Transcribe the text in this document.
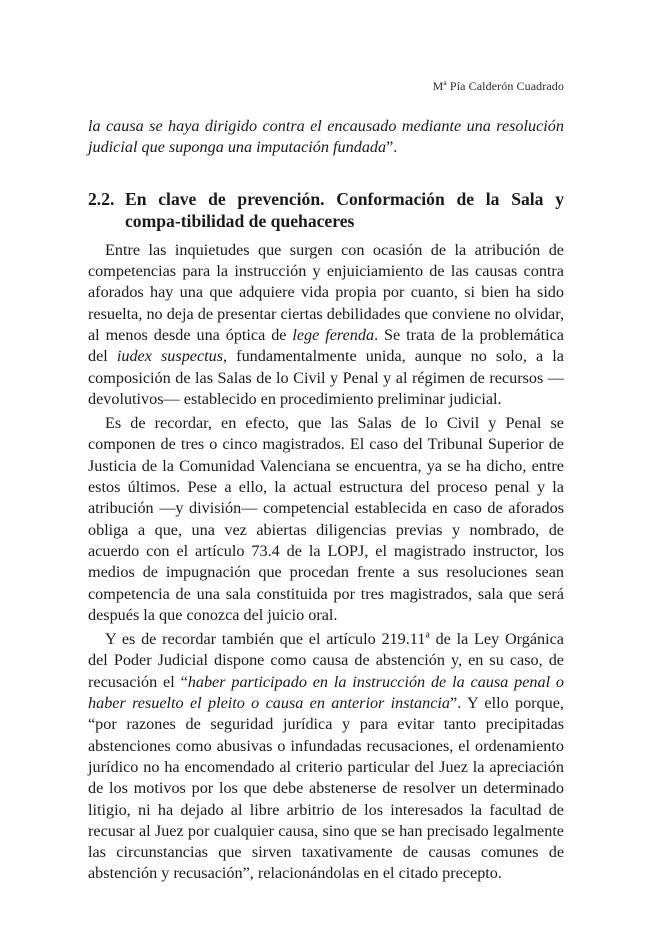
Mª Pía Calderón Cuadrado

la causa se haya dirigido contra el encausado mediante una resolución judicial que suponga una imputación fundada”.

2.2. En clave de prevención. Conformación de la Sala y compa-tibilidad de quehaceres

Entre las inquietudes que surgen con ocasión de la atribución de competencias para la instrucción y enjuiciamiento de las causas contra aforados hay una que adquiere vida propia por cuanto, si bien ha sido resuelta, no deja de presentar ciertas debilidades que conviene no olvidar, al menos desde una óptica de lege ferenda. Se trata de la problemática del iudex suspectus, fundamentalmente unida, aunque no solo, a la composición de las Salas de lo Civil y Penal y al régimen de recursos —devolutivos— establecido en procedimiento preliminar judicial.

Es de recordar, en efecto, que las Salas de lo Civil y Penal se componen de tres o cinco magistrados. El caso del Tribunal Superior de Justicia de la Comunidad Valenciana se encuentra, ya se ha dicho, entre estos últimos. Pese a ello, la actual estructura del proceso penal y la atribución —y división— competencial establecida en caso de aforados obliga a que, una vez abiertas diligencias previas y nombrado, de acuerdo con el artículo 73.4 de la LOPJ, el magistrado instructor, los medios de impugnación que procedan frente a sus resoluciones sean competencia de una sala constituida por tres magistrados, sala que será después la que conozca del juicio oral.

Y es de recordar también que el artículo 219.11$^a$ de la Ley Orgánica del Poder Judicial dispone como causa de abstención y, en su caso, de recusación el “haber participado en la instrucción de la causa penal o haber resuelto el pleito o causa en anterior instancia”. Y ello porque, “por razones de seguridad jurídica y para evitar tanto precipitadas abstenciones como abusivas o infundadas recusaciones, el ordenamiento jurídico no ha encomendado al criterio particular del Juez la apreciación de los motivos por los que debe abstenerse de resolver un determinado litigio, ni ha dejado al libre arbitrio de los interesados la facultad de recusar al Juez por cualquier causa, sino que se han precisado legalmente las circunstancias que sirven taxativamente de causas comunes de abstención y recusación”, relacionándolas en el citado precepto.
